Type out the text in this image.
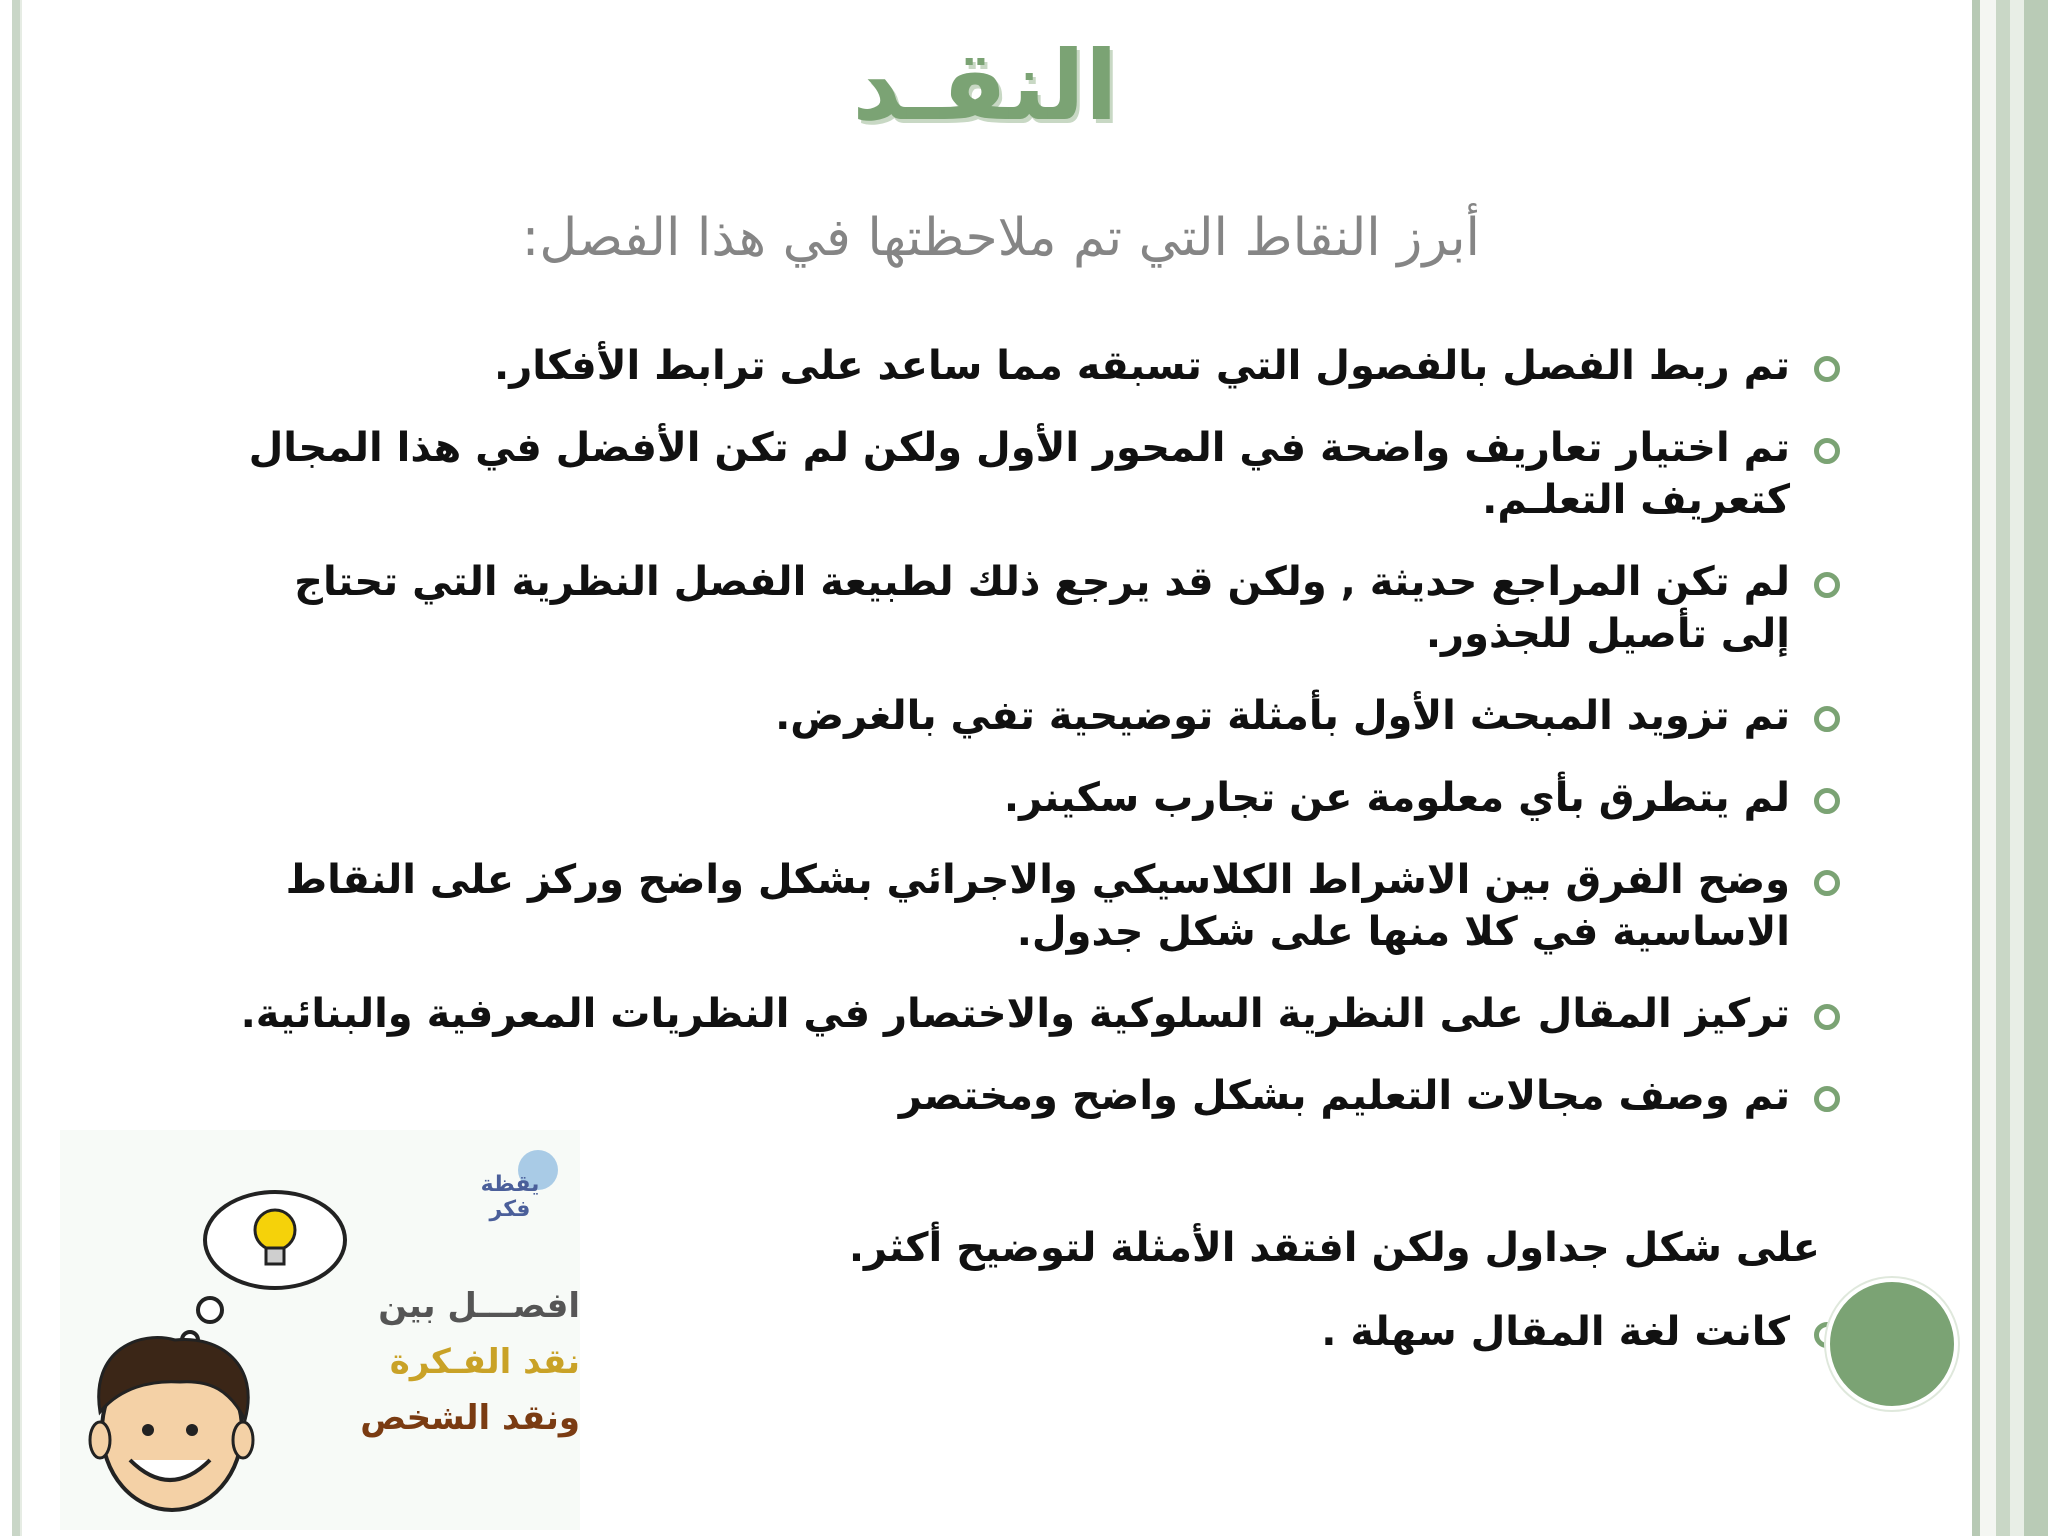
النقـد
أبرز النقاط التي تم ملاحظتها في هذا الفصل:
تم ربط الفصل بالفصول التي تسبقه مما ساعد على ترابط الأفكار.
تم اختيار تعاريف واضحة في المحور الأول ولكن لم تكن الأفضل في هذا المجال كتعريف التعلـم.
لم تكن المراجع حديثة , ولكن قد يرجع ذلك لطبيعة الفصل النظرية التي تحتاج إلى تأصيل للجذور.
تم تزويد المبحث الأول بأمثلة توضيحية تفي بالغرض.
لم يتطرق بأي معلومة عن تجارب سكينر.
وضح الفرق بين الاشراط الكلاسيكي والاجرائي بشكل واضح وركز على النقاط الاساسية في كلا منها على شكل جدول.
تركيز المقال على النظرية السلوكية والاختصار في النظريات المعرفية والبنائية.
تم وصف مجالات التعليم بشكل واضح ومختصر
على شكل جداول ولكن افتقد الأمثلة لتوضيح أكثر.
كانت لغة المقال سهلة .
يقظة فكر
افصـــل بين
نقد الفـكرة
ونقد الشخص
